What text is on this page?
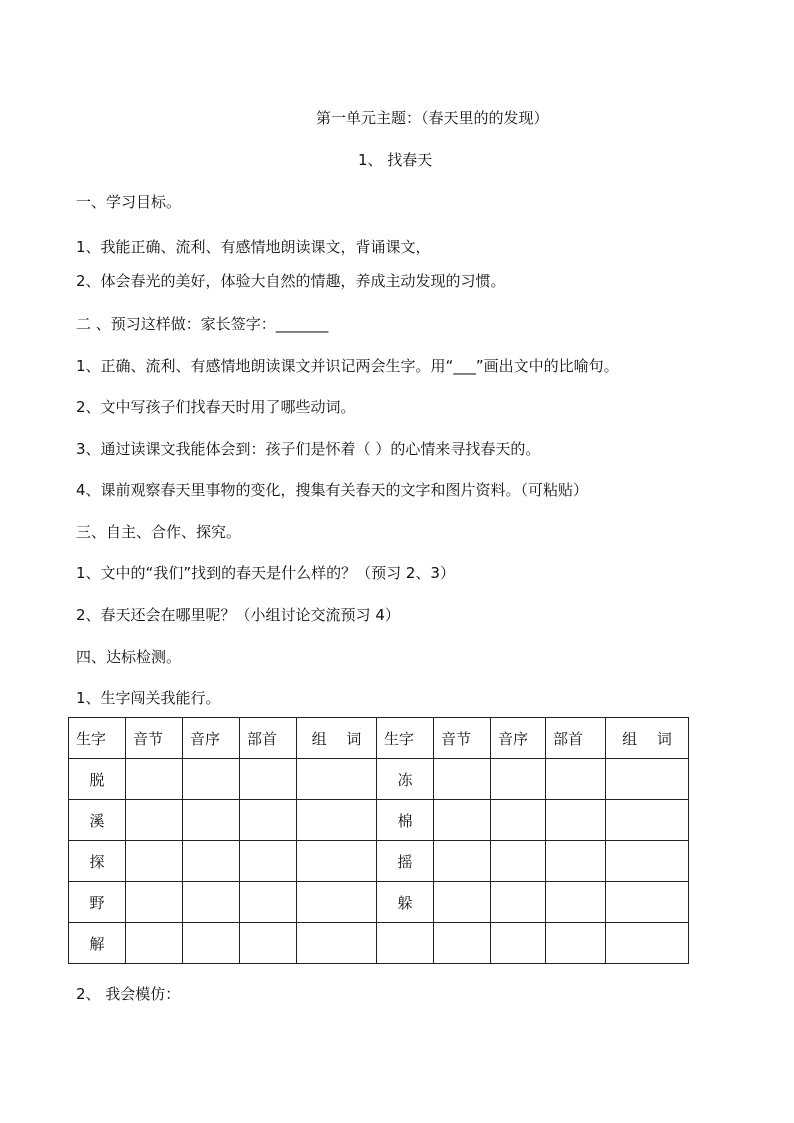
第一单元主题：（春天里的的发现）
1、 找春天
一、学习目标。
1、我能正确、流利、有感情地朗读课文，背诵课文，
2、体会春光的美好，体验大自然的情趣，养成主动发现的习惯。
二 、预习这样做：家长签字：_______
1、正确、流利、有感情地朗读课文并识记两会生字。用“___”画出文中的比喻句。
2、文中写孩子们找春天时用了哪些动词。
3、通过读课文我能体会到：孩子们是怀着（ ）的心情来寻找春天的。
4、课前观察春天里事物的变化，搜集有关春天的文字和图片资料。（可粘贴）
三、自主、合作、探究。
1、文中的“我们”找到的春天是什么样的？（预习 2、3）
2、春天还会在哪里呢？（小组讨论交流预习 4）
四、达标检测。
1、生字闯关我能行。
生字	音节	音序	部首	组　 词	生字	音节	音序	部首	组　 词
脱					冻				
溪					棉				
探					摇				
野					躲				
解									
2、 我会模仿：
